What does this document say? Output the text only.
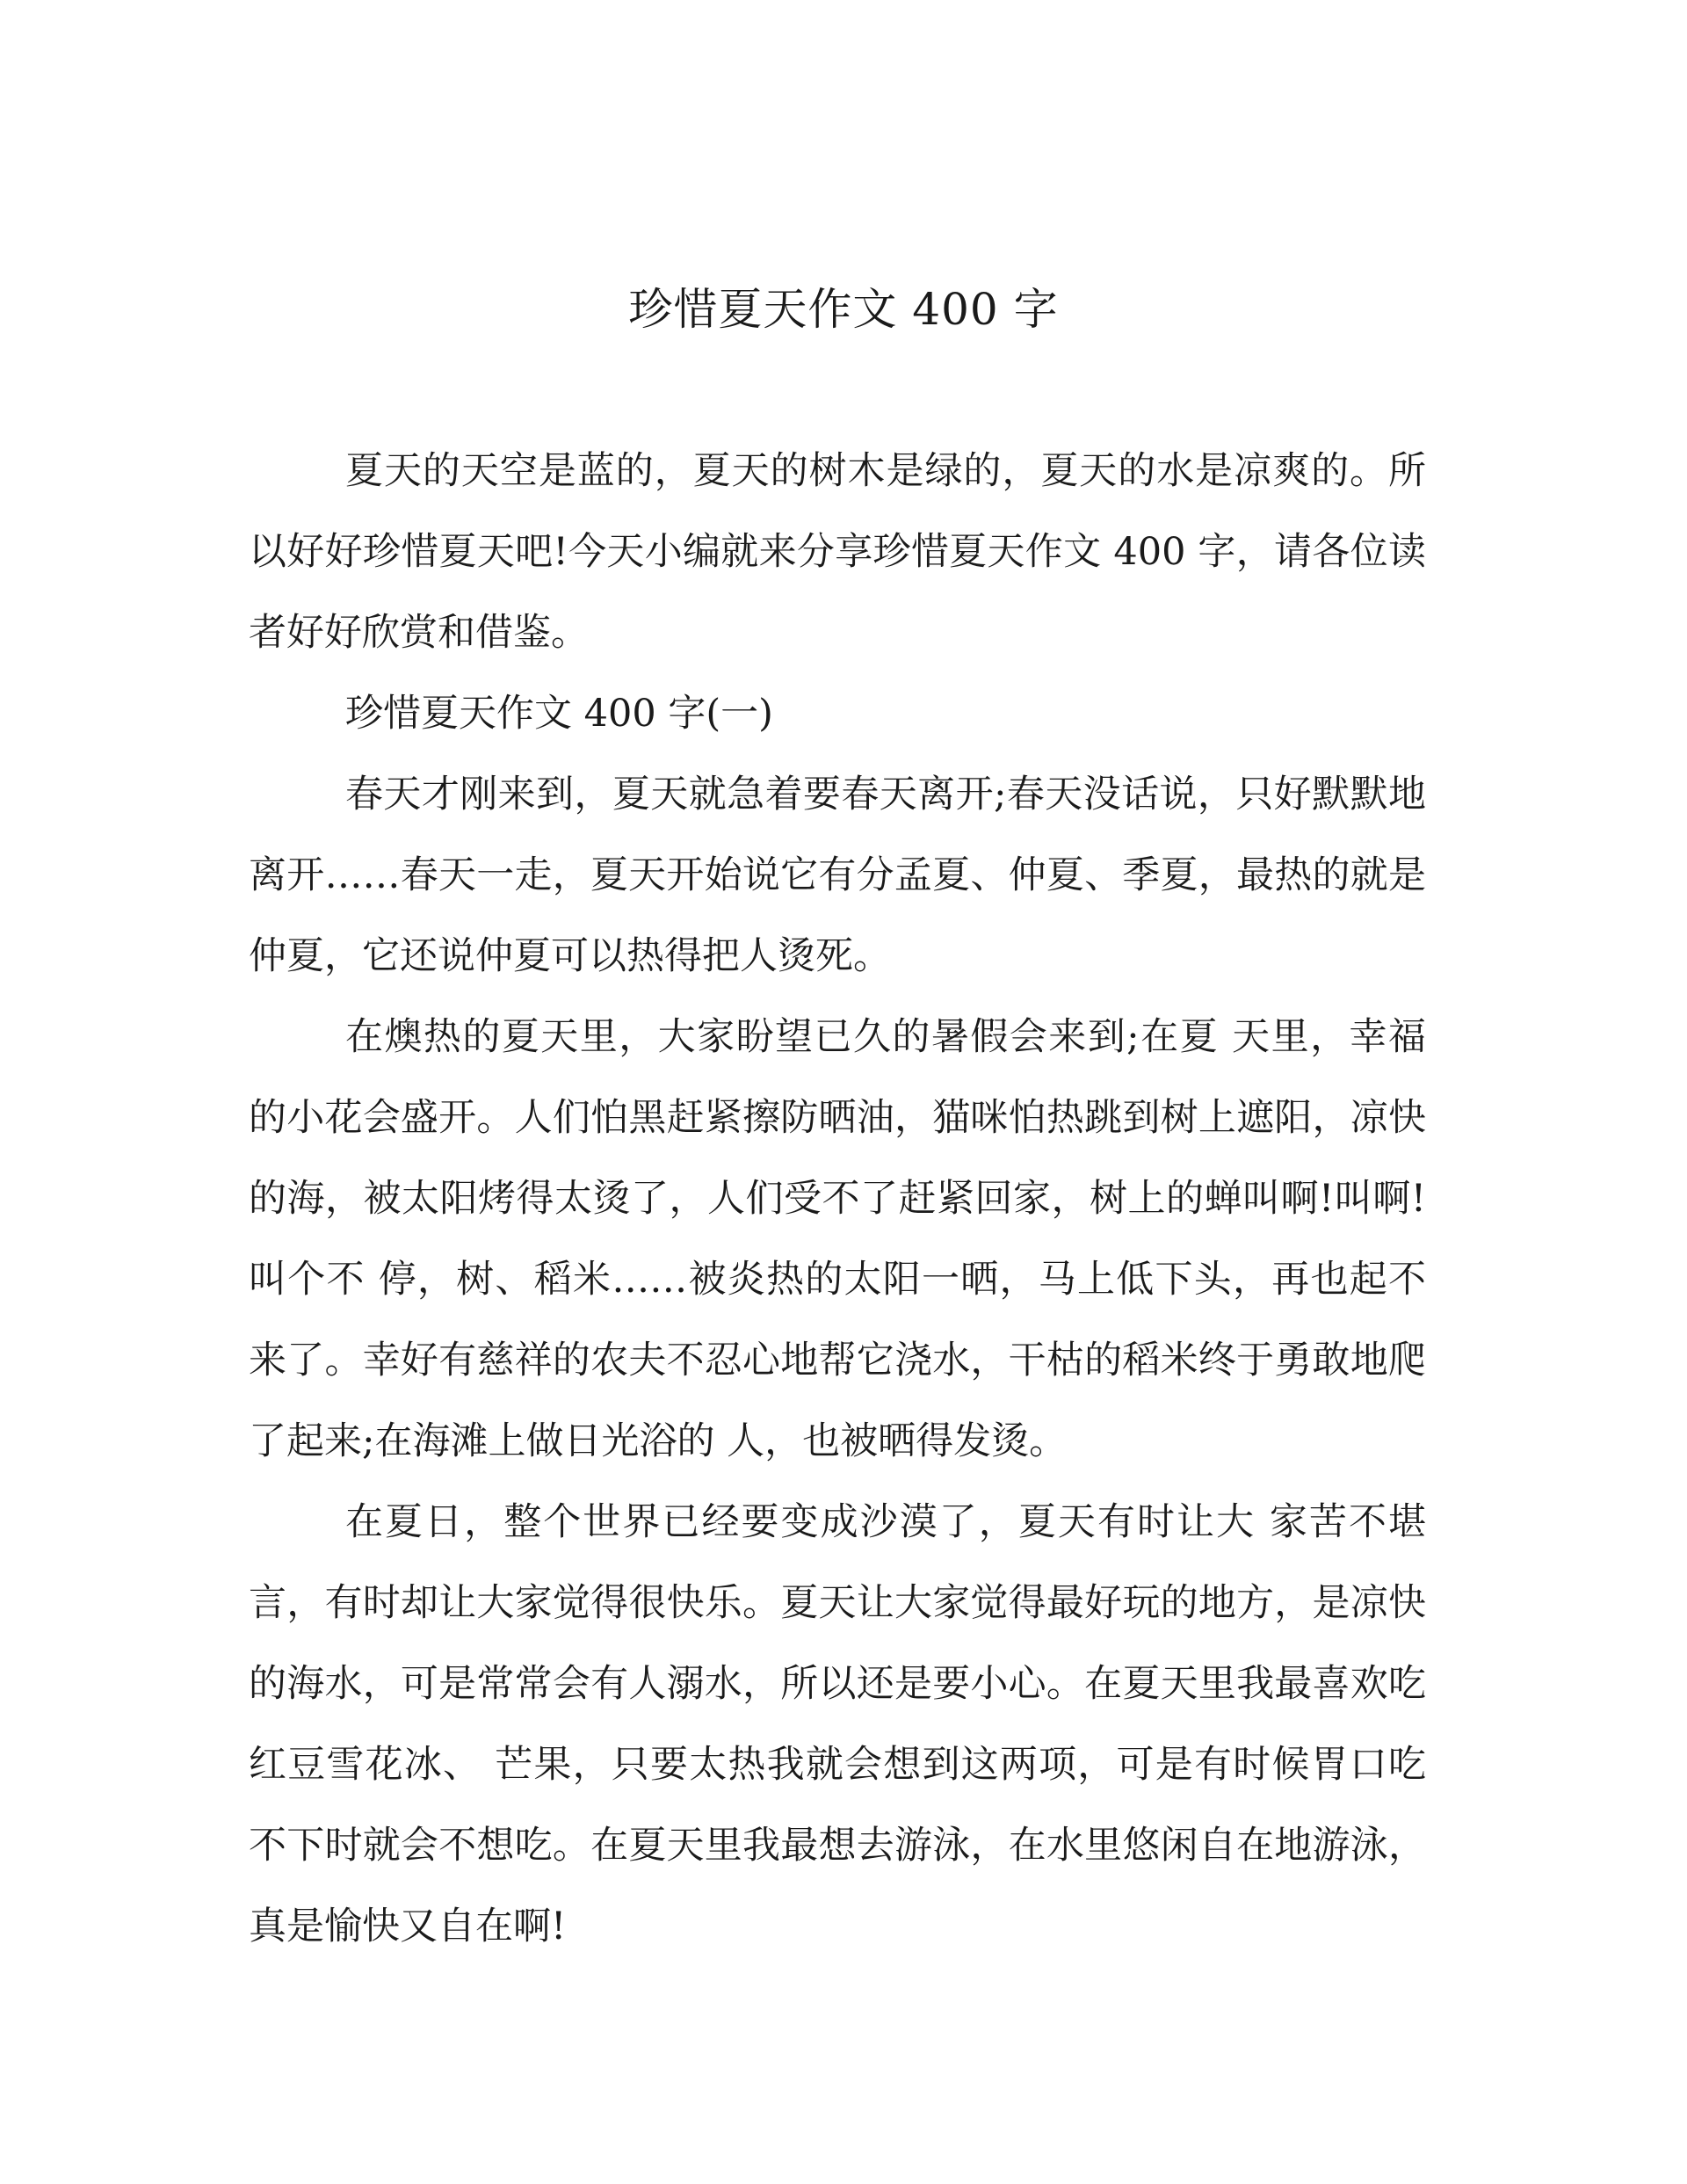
珍惜夏天作文 400 字

夏天的天空是蓝的，夏天的树木是绿的，夏天的水是凉爽的。所以好好珍惜夏天吧!今天小编就来分享珍惜夏天作文 400 字，请各位读者好好欣赏和借鉴。

珍惜夏天作文 400 字(一)

春天才刚来到，夏天就急着要春天离开;春天没话说，只好默默地离开……春天一走，夏天开始说它有分孟夏、仲夏、季夏，最热的就是仲夏，它还说仲夏可以热得把人烫死。

在燠热的夏天里，大家盼望已久的暑假会来到;在夏 天里，幸福的小花会盛开。人们怕黑赶紧擦防晒油，猫咪怕热跳到树上遮阳，凉快的海，被太阳烤得太烫了，人们受不了赶紧回家，树上的蝉叫啊!叫啊!叫个不 停，树、稻米……被炎热的太阳一晒，马上低下头，再也起不来了。幸好有慈祥的农夫不忍心地帮它浇水，干枯的稻米终于勇敢地爬了起来;在海滩上做日光浴的 人，也被晒得发烫。

在夏日，整个世界已经要变成沙漠了，夏天有时让大 家苦不堪言，有时却让大家觉得很快乐。夏天让大家觉得最好玩的地方，是凉快的海水，可是常常会有人溺水，所以还是要小心。在夏天里我最喜欢吃红豆雪花冰、 芒果，只要太热我就会想到这两项，可是有时候胃口吃不下时就会不想吃。在夏天里我最想去游泳，在水里悠闲自在地游泳，真是愉快又自在啊!
